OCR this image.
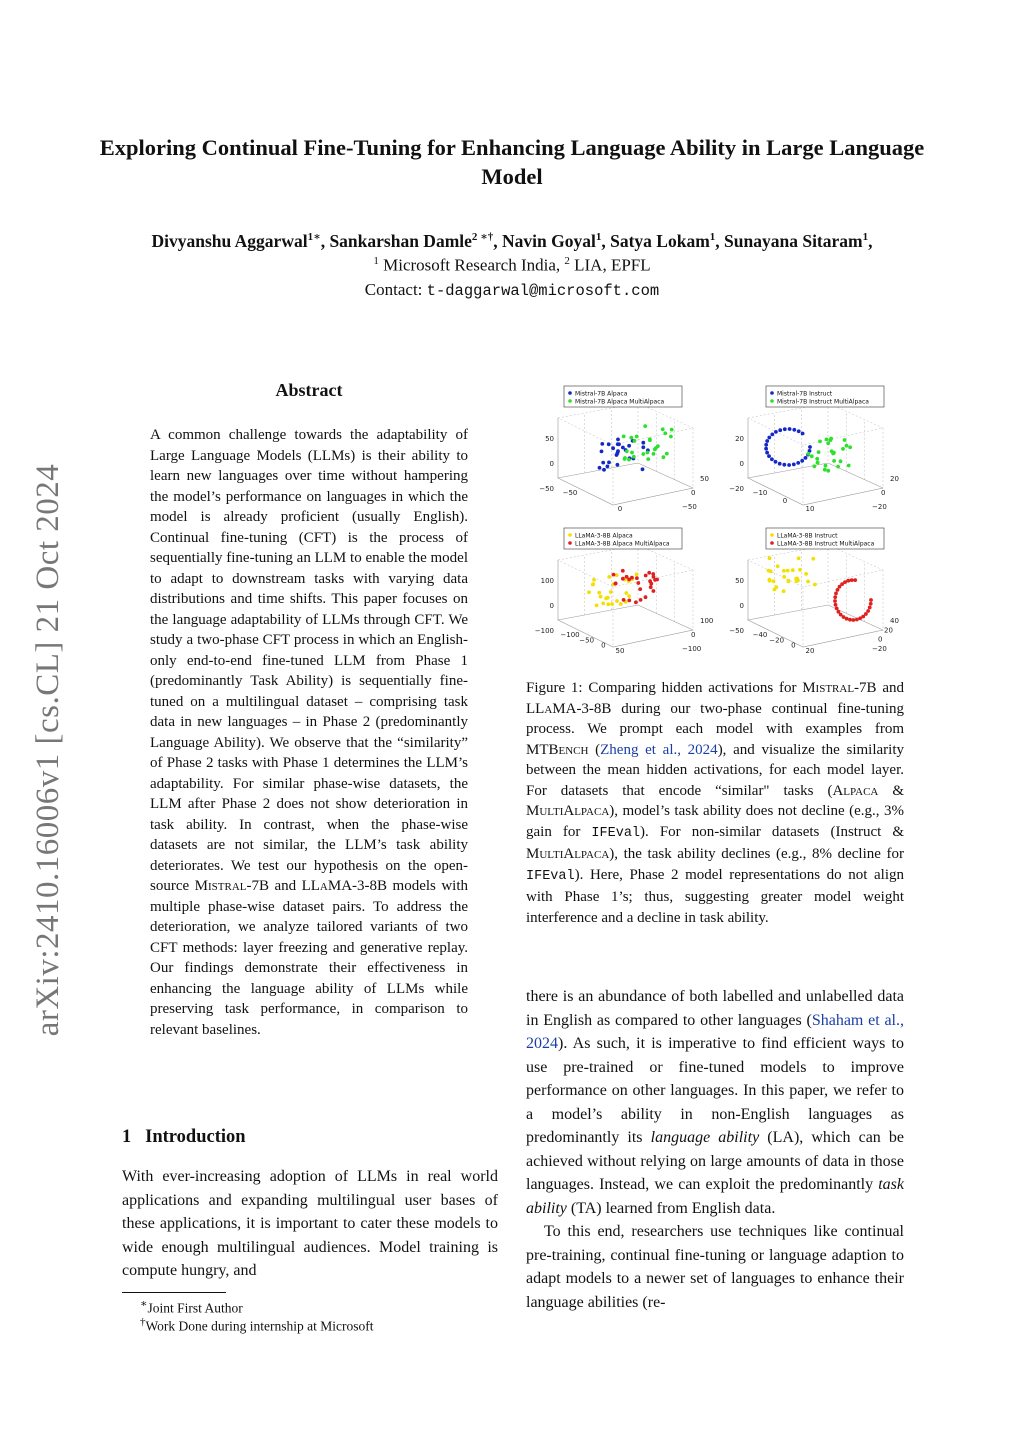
Exploring Continual Fine-Tuning for Enhancing Language Ability in Large Language Model
Divyanshu Aggarwal$^{1∗}$, Sankarshan Damle$^{2 ∗\dagger}$, Navin Goyal$^1$, Satya Lokam$^1$, Sunayana Sitaram$^1$,
$^1$ Microsoft Research India, $^2$ LIA, EPFL
Contact: t-daggarwal@microsoft.com
arXiv:2410.16006v1 [cs.CL] 21 Oct 2024
Abstract
A common challenge towards the adaptability of Large Language Models (LLMs) is their ability to learn new languages over time without hampering the model’s performance on languages in which the model is already proficient (usually English). Continual fine-tuning (CFT) is the process of sequentially fine-tuning an LLM to enable the model to adapt to downstream tasks with varying data distributions and time shifts. This paper focuses on the language adaptability of LLMs through CFT. We study a two-phase CFT process in which an English-only end-to-end fine-tuned LLM from Phase 1 (predominantly Task Ability) is sequentially fine-tuned on a multilingual dataset – comprising task data in new languages – in Phase 2 (predominantly Language Ability). We observe that the “similarity” of Phase 2 tasks with Phase 1 determines the LLM’s adaptability. For similar phase-wise datasets, the LLM after Phase 2 does not show deterioration in task ability. In contrast, when the phase-wise datasets are not similar, the LLM’s task ability deteriorates. We test our hypothesis on the open-source Mistral-7B and LLaMA-3-8B models with multiple phase-wise dataset pairs. To address the deterioration, we analyze tailored variants of two CFT methods: layer freezing and generative replay. Our findings demonstrate their effectiveness in enhancing the language ability of LLMs while preserving task performance, in comparison to relevant baselines.
1 Introduction
With ever-increasing adoption of LLMs in real world applications and expanding multilingual user bases of these applications, it is important to cater these models to wide enough multilingual audiences. Model training is compute hungry, and
∗Joint First Author
†Work Done during internship at Microsoft
50
0
−50 −50
0
50
0
−50
Mistral-7B Alpaca
Mistral-7B Alpaca MultiAlpaca
20
0
−20 −10
0
10
20
0
−20
Mistral-7B Instruct
Mistral-7B Instruct MultiAlpaca
100
0
−100 −100
−50
0
50
100
0
−100
LLaMA-3-8B Alpaca
LLaMA-3-8B Alpaca MultiAlpaca
50
0
−50 −40
−20
0
20
40
20
0
−20
LLaMA-3-8B Instruct
LLaMA-3-8B Instruct MultiAlpaca
Figure 1: Comparing hidden activations for Mistral-7B and LLaMA-3-8B during our two-phase continual fine-tuning process. We prompt each model with examples from MTBench (Zheng et al., 2024), and visualize the similarity between the mean hidden activations, for each model layer. For datasets that encode “similar" tasks (Alpaca & MultiAlpaca), model’s task ability does not decline (e.g., 3% gain for IFEval). For non-similar datasets (Instruct & MultiAlpaca), the task ability declines (e.g., 8% decline for IFEval). Here, Phase 2 model representations do not align with Phase 1’s; thus, suggesting greater model weight interference and a decline in task ability.

there is an abundance of both labelled and unlabelled data in English as compared to other languages (Shaham et al., 2024). As such, it is imperative to find efficient ways to use pre-trained or fine-tuned models to improve performance on other languages. In this paper, we refer to a model’s ability in non-English languages as predominantly its language ability (LA), which can be achieved without relying on large amounts of data in those languages. Instead, we can exploit the predominantly task ability (TA) learned from English data.

To this end, researchers use techniques like continual pre-training, continual fine-tuning or language adaption to adapt models to a newer set of languages to enhance their language abilities (re-
